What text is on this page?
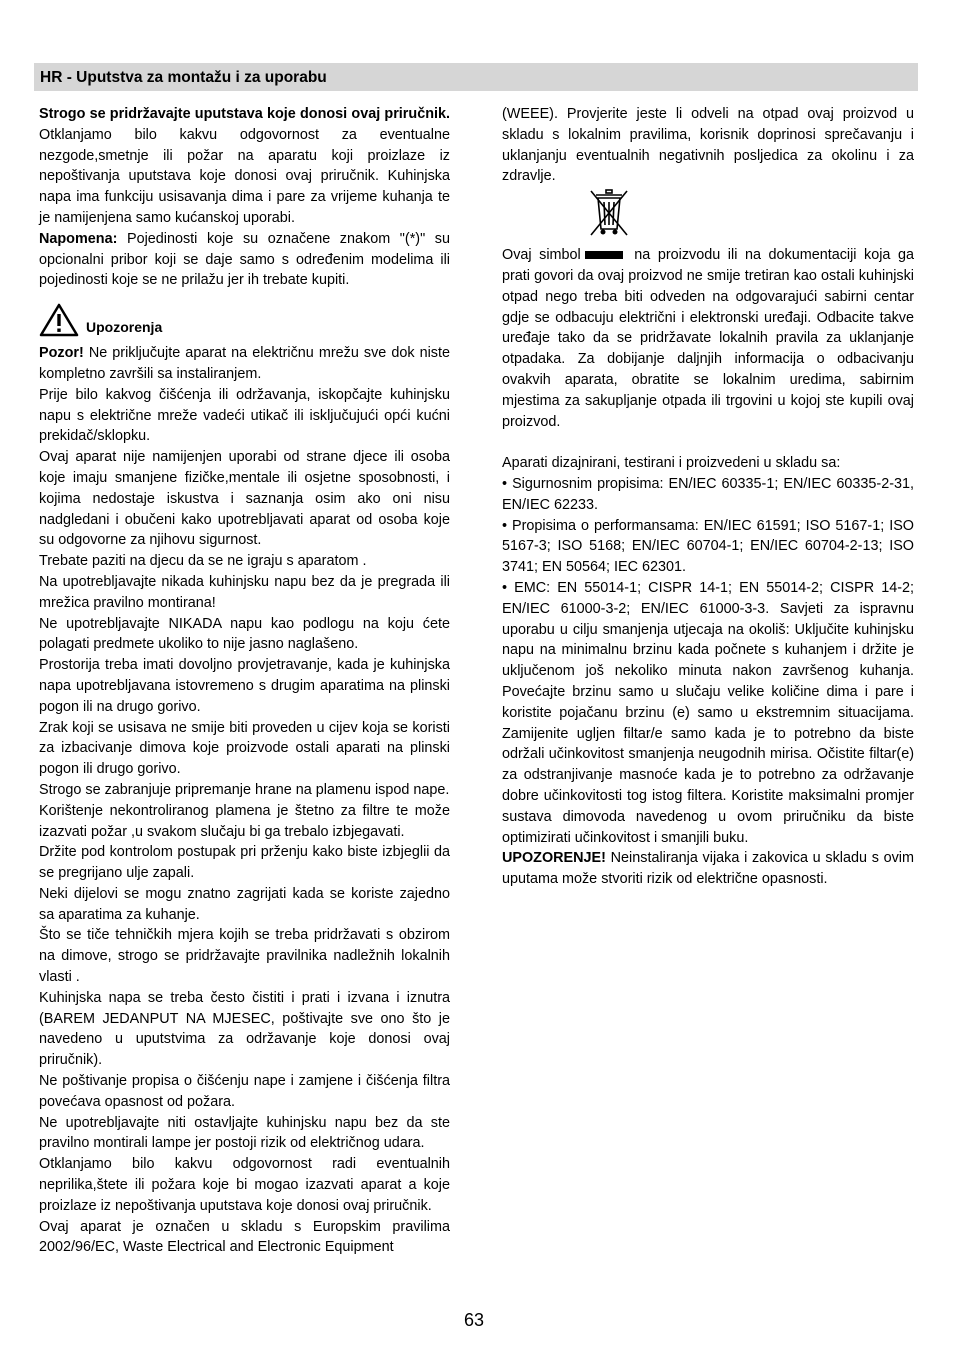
HR - Uputstva za montažu i za uporabu

Strogo se pridržavajte uputstava koje donosi ovaj priručnik. Otklanjamo bilo kakvu odgovornost za eventualne nezgode,smetnje ili požar na aparatu koji proizlaze iz nepoštivanja uputstava koje donosi ovaj priručnik. Kuhinjska napa ima funkciju usisavanja dima i pare za vrijeme kuhanja te je namijenjena samo kućanskoj uporabi.

Napomena: Pojedinosti koje su označene znakom "(*)" su opcionalni pribor koji se daje samo s određenim modelima ili pojedinosti koje se ne prilažu jer ih trebate kupiti.

Upozorenja

Pozor! Ne priključujte aparat na električnu mrežu sve dok niste kompletno završili sa instaliranjem.

Prije bilo kakvog čišćenja ili održavanja, iskopčajte kuhinjsku napu s električne mreže vadeći utikač ili isključujući opći kućni prekidač/sklopku.

Ovaj aparat nije namijenjen uporabi od strane djece ili osoba koje imaju smanjene fizičke,mentale ili osjetne sposobnosti, i kojima nedostaje iskustva i saznanja osim ako oni nisu nadgledani i obučeni kako upotrebljavati aparat od osoba koje su odgovorne za njihovu sigurnost.

Trebate paziti na djecu da se ne igraju s aparatom .

Na upotrebljavajte nikada kuhinjsku napu bez da je pregrada ili mrežica pravilno montirana!

Ne upotrebljavajte NIKADA napu kao podlogu na koju ćete polagati predmete ukoliko to nije jasno naglašeno.

Prostorija treba imati dovoljno provjetravanje, kada je kuhinjska napa upotrebljavana istovremeno s drugim aparatima na plinski pogon ili na drugo gorivo.

Zrak koji se usisava ne smije biti proveden u cijev koja se koristi za izbacivanje dimova koje proizvode ostali aparati na plinski pogon ili drugo gorivo.

Strogo se zabranjuje pripremanje hrane na plamenu ispod nape.

Korištenje nekontroliranog plamena je štetno za filtre te može izazvati požar ,u svakom slučaju bi ga trebalo izbjegavati.

Držite pod kontrolom postupak pri prženju kako biste izbjeglii da se pregrijano ulje zapali.

Neki dijelovi se mogu znatno zagrijati kada se koriste zajedno sa aparatima za kuhanje.

Što se tiče tehničkih mjera kojih se treba pridržavati s obzirom na dimove, strogo se pridržavajte pravilnika nadležnih lokalnih vlasti .

Kuhinjska napa se treba često čistiti i prati i izvana i iznutra (BAREM JEDANPUT NA MJESEC, poštivajte sve ono što je navedeno u uputstvima za održavanje koje donosi ovaj priručnik).

Ne poštivanje propisa o čišćenju nape i zamjene i čišćenja filtra povećava opasnost od požara.

Ne upotrebljavajte niti ostavljajte kuhinjsku napu bez da ste pravilno montirali lampe jer postoji rizik od električnog udara.

Otklanjamo bilo kakvu odgovornost radi eventualnih neprilika,štete ili požara koje bi mogao izazvati aparat a koje proizlaze iz nepoštivanja uputstava koje donosi ovaj priručnik.

Ovaj aparat je označen u skladu s Europskim pravilima 2002/96/EC, Waste Electrical and Electronic Equipment

(WEEE). Provjerite jeste li odveli na otpad ovaj proizvod u skladu s lokalnim pravilima, korisnik doprinosi sprečavanju i uklanjanju eventualnih negativnih posljedica za okolinu i za zdravlje.

Ovaj simbol	na proizvodu ili na dokumentaciji koja ga prati govori da ovaj proizvod ne smije tretiran kao ostali kuhinjski otpad nego treba biti odveden na odgovarajući sabirni centar gdje se odbacuju električni i elektronski uređaji. Odbacite takve uređaje tako da se pridržavate lokalnih pravila za uklanjanje otpadaka. Za dobijanje daljnjih informacija o odbacivanju ovakvih aparata, obratite se lokalnim uredima, sabirnim mjestima za sakupljanje otpada ili trgovini u kojoj ste kupili ovaj proizvod.

Aparati dizajnirani, testirani i proizvedeni u skladu sa:

• Sigurnosnim propisima: EN/IEC 60335-1; EN/IEC 60335-2-31, EN/IEC 62233.

• Propisima o performansama: EN/IEC 61591; ISO 5167-1; ISO 5167-3; ISO 5168; EN/IEC 60704-1; EN/IEC 60704-2-13; ISO 3741; EN 50564; IEC 62301.

• EMC: EN 55014-1; CISPR 14-1; EN 55014-2; CISPR 14-2; EN/IEC 61000-3-2; EN/IEC 61000-3-3. Savjeti za ispravnu uporabu u cilju smanjenja utjecaja na okoliš: Uključite kuhinjsku napu na minimalnu brzinu kada počnete s kuhanjem i držite je uključenom još nekoliko minuta nakon završenog kuhanja. Povećajte brzinu samo u slučaju velike količine dima i pare i koristite pojačanu brzinu (e) samo u ekstremnim situacijama. Zamijenite ugljen filtar/e samo kada je to potrebno da biste održali učinkovitost smanjenja neugodnih mirisa. Očistite filtar(e) za odstranjivanje masnoće kada je to potrebno za održavanje dobre učinkovitosti tog istog filtera. Koristite maksimalni promjer sustava dimovoda navedenog u ovom priručniku da biste optimizirati učinkovitost i smanjili buku.

UPOZORENJE! Neinstaliranja vijaka i zakovica u skladu s ovim uputama može stvoriti rizik od električne opasnosti.

63
